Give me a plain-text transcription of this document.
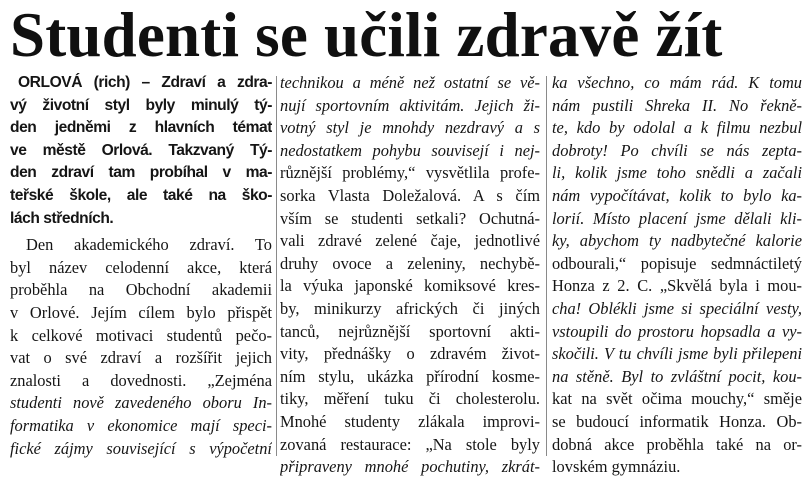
Studenti se učili zdravě žít
ORLOVÁ (rich) – Zdraví a zdra-
vý životní styl byly minulý tý-
den jedněmi z hlavních témat
ve městě Orlová. Takzvaný Tý-
den zdraví tam probíhal v ma-
teřské škole, ale také na ško-
lách středních.
Den akademického zdraví. To
byl název celodenní akce, která
proběhla na Obchodní akademii
v Orlové. Jejím cílem bylo přispět
k celkové motivaci studentů pečo-
vat o své zdraví a rozšířit jejich
znalosti a dovednosti. „Zejména
studenti nově zavedeného oboru In-
formatika v ekonomice mají speci-
fické zájmy související s výpočetní
technikou a méně než ostatní se vě-
nují sportovním aktivitám. Jejich ži-
votný styl je mnohdy nezdravý a s
nedostatkem pohybu souvisejí i nej-
různější problémy,“ vysvětlila profe-
sorka Vlasta Doležalová. A s čím
vším se studenti setkali? Ochutná-
vali zdravé zelené čaje, jednotlivé
druhy ovoce a zeleniny, nechybě-
la výuka japonské komiksové kres-
by, minikurzy afrických či jiných
tanců, nejrůznější sportovní akti-
vity, přednášky o zdravém život-
ním stylu, ukázka přírodní kosme-
tiky, měření tuku či cholesterolu.
Mnohé studenty zlákala improvi-
zovaná restaurace: „Na stole byly
připraveny mnohé pochutiny, zkrát-
ka všechno, co mám rád. K tomu
nám pustili Shreka II. No řekně-
te, kdo by odolal a k filmu nezbul
dobroty! Po chvíli se nás zepta-
li, kolik jsme toho snědli a začali
nám vypočítávat, kolik to bylo ka-
lorií. Místo placení jsme dělali kli-
ky, abychom ty nadbytečné kalorie
odbourali,“ popisuje sedmnáctiletý
Honza z 2. C. „Skvělá byla i mou-
cha! Oblékli jsme si speciální vesty,
vstoupili do prostoru hopsadla a vy-
skočili. V tu chvíli jsme byli přilepeni
na stěně. Byl to zvláštní pocit, kou-
kat na svět očima mouchy,“ směje
se budoucí informatik Honza. Ob-
dobná akce proběhla také na or-
lovském gymnáziu.
